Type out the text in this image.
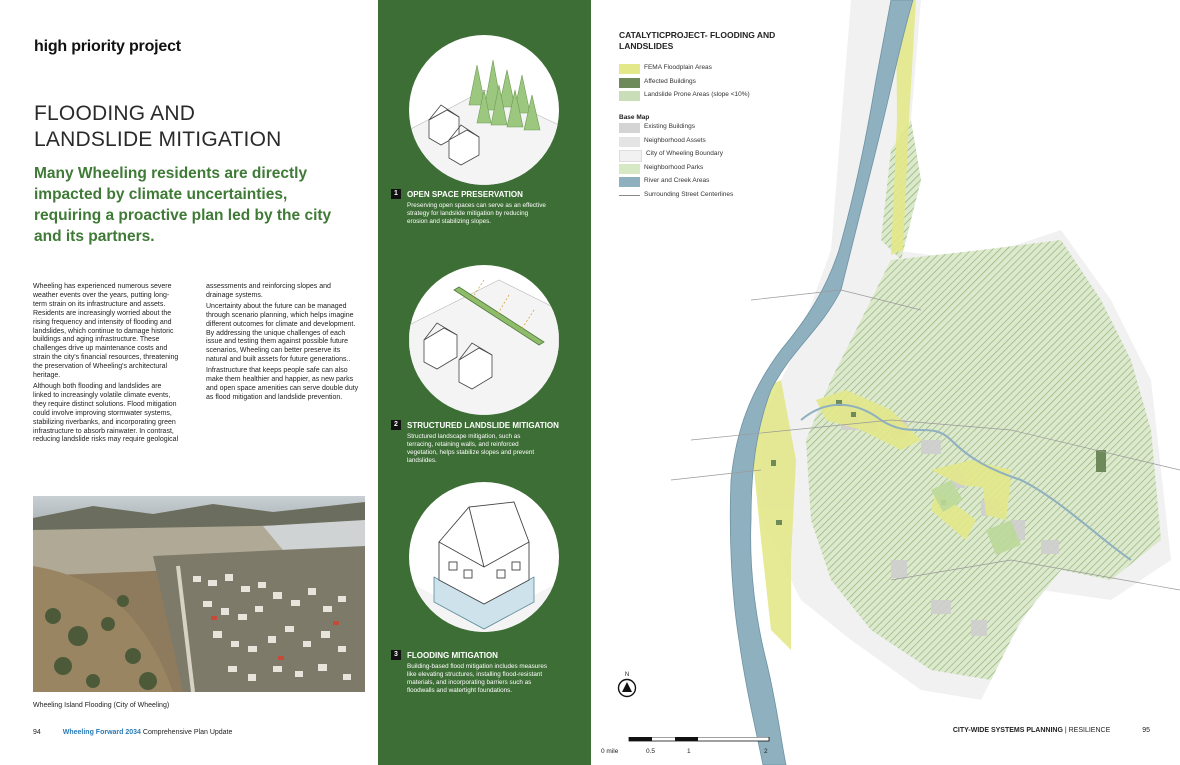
high priority project
FLOODING AND
LANDSLIDE MITIGATION
Many Wheeling residents are directly impacted by climate uncertainties, requiring a proactive plan led by the city and its partners.

Wheeling has experienced numerous severe weather events over the years, putting long-term strain on its infrastructure and assets. Residents are increasingly worried about the rising frequency and intensity of flooding and landslides, which continue to damage historic buildings and aging infrastructure. These challenges drive up maintenance costs and strain the city's financial resources, threatening the preservation of Wheeling's architectural heritage.

Although both flooding and landslides are linked to increasingly volatile climate events, they require distinct solutions. Flood mitigation could involve improving stormwater systems, stabilizing riverbanks, and incorporating green infrastructure to absorb rainwater. In contrast, reducing landslide risks may require geological

assessments and reinforcing slopes and drainage systems.

Uncertainty about the future can be managed through scenario planning, which helps imagine different outcomes for climate and development. By addressing the unique challenges of each issue and testing them against possible future scenarios, Wheeling can better preserve its natural and built assets for future generations..

Infrastructure that keeps people safe can also make them healthier and happier, as new parks and open space amenities can serve double duty as flood mitigation and landslide prevention.

Wheeling Island Flooding (City of Wheeling)
94	Wheeling Forward 2034 Comprehensive Plan Update
1	OPEN SPACE PRESERVATION
Preserving open spaces can serve as an effective strategy for landslide mitigation by reducing erosion and stabilizing slopes.
2	STRUCTURED LANDSLIDE MITIGATION
Structured landscape mitigation, such as terracing, retaining walls, and reinforced vegetation, helps stabilize slopes and prevent landslides.
3	FLOODING MITIGATION
Building-based flood mitigation includes measures like elevating structures, installing flood-resistant materials, and incorporating barriers such as floodwalls and watertight foundations.
CATALYTICPROJECT- FLOODING AND LANDSLIDES
FEMA Floodplain Areas
Affected Buildings
Landslide Prone Areas (slope <10%)
Base Map
Existing Buildings
Neighborhood Assets
City of Wheeling Boundary
Neighborhood Parks
River and Creek Areas
Surrounding Street Centerlines
N
0 mile	0.5	1	2
CITY-WIDE SYSTEMS PLANNING | RESILIENCE	95
